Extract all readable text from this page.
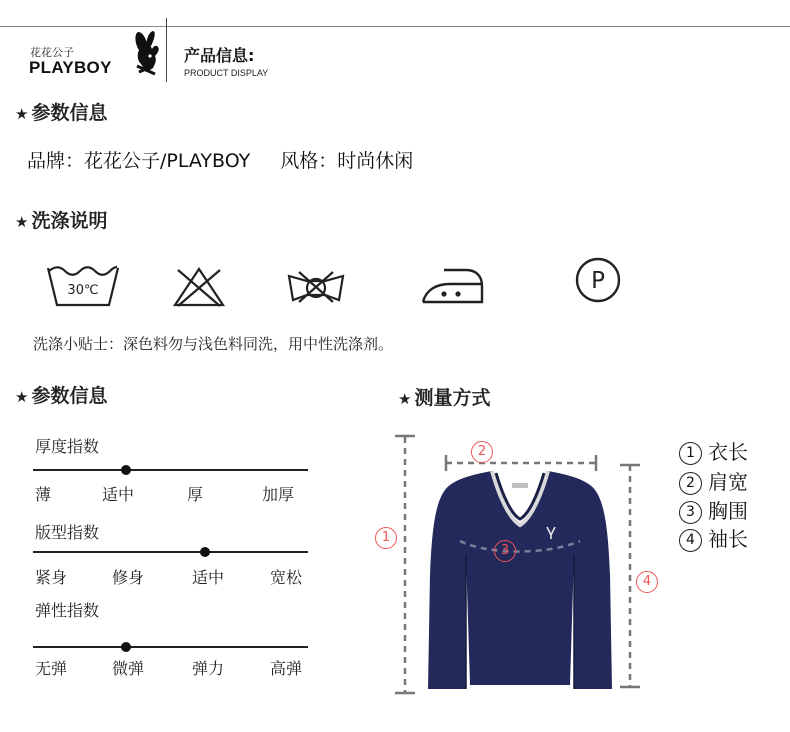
花花公子
PLAYBOY
产品信息:
PRODUCT DISPLAY
★ 参数信息
品牌：花花公子/PLAYBOY 风格：时尚休闲
★ 洗涤说明
30℃	P
洗涤小贴士：深色料勿与浅色料同洗，用中性洗涤剂。
★ 参数信息
厚度指数
薄	适中	厚	加厚
版型指数
紧身	修身	适中	宽松
弹性指数
无弹	微弹	弹力	高弹
★ 测量方式
1
2
3
4
1 衣长
2 肩宽
3 胸围
4 袖长
